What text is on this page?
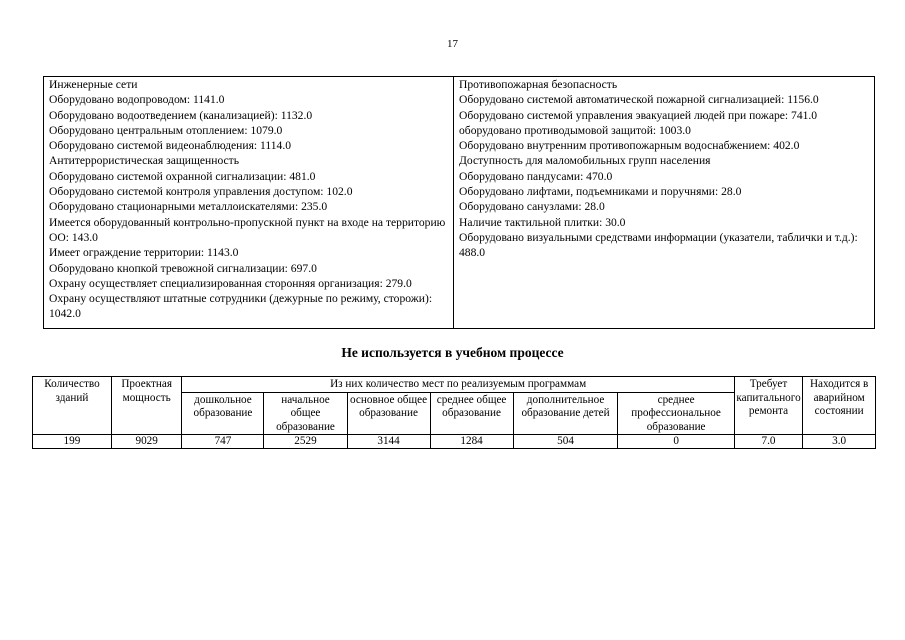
17
Инженерные сети
Оборудовано водопроводом: 1141.0
Оборудовано водоотведением (канализацией): 1132.0
Оборудовано центральным отоплением: 1079.0
Оборудовано системой видеонаблюдения: 1114.0
Антитеррористическая защищенность
Оборудовано системой охранной сигнализации: 481.0
Оборудовано системой контроля управления доступом: 102.0
Оборудовано стационарными металлоискателями: 235.0
Имеется оборудованный контрольно-пропускной пункт на входе на территорию ОО: 143.0
Имеет ограждение территории: 1143.0
Оборудовано кнопкой тревожной сигнализации: 697.0
Охрану осуществляет специализированная сторонняя организация: 279.0
Охрану осуществляют штатные сотрудники (дежурные по режиму, сторожи): 1042.0
Противопожарная безопасность
Оборудовано системой автоматической пожарной сигнализацией: 1156.0
Оборудовано системой управления эвакуацией людей при пожаре: 741.0
оборудовано противодымовой защитой: 1003.0
Оборудовано внутренним противопожарным водоснабжением: 402.0
Доступность для маломобильных групп населения
Оборудовано пандусами: 470.0
Оборудовано лифтами, подъемниками и поручнями: 28.0
Оборудовано санузлами: 28.0
Наличие тактильной плитки: 30.0
Оборудовано визуальными средствами информации (указатели, таблички и т.д.): 488.0
Не используется в учебном процессе
Количество зданий	Проектная мощность	Из них количество мест по реализуемым программам						Требует капитального ремонта	Находится в аварийном состоянии
		дошкольное образование	начальное общее образование	основное общее образование	среднее общее образование	дополнительное образование детей	среднее профессиональное образование		
199	9029	747	2529	3144	1284	504	0	7.0	3.0
